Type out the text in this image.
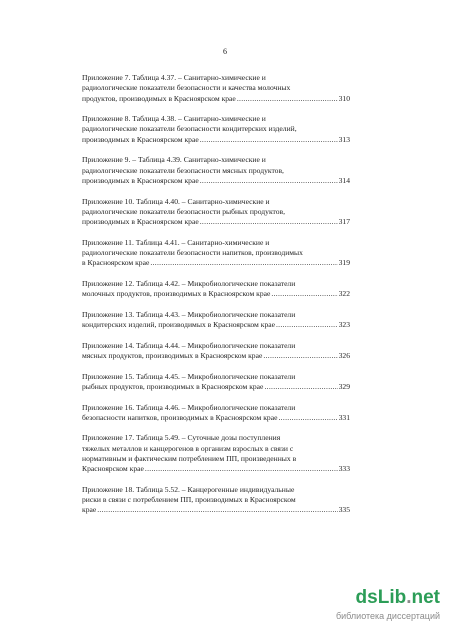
6
Приложение 7. Таблица 4.37. – Санитарно-химические и
радиологические показатели безопасности и качества молочных
продуктов, производимых в Красноярском крае .....	310
Приложение 8. Таблица 4.38. – Санитарно-химические и
радиологические показатели безопасности кондитерских изделий,
производимых в Красноярском крае .....	313
Приложение 9. – Таблица 4.39. Санитарно-химические и
радиологические показатели безопасности мясных продуктов,
производимых в Красноярском крае .....	314
Приложение 10. Таблица 4.40. – Санитарно-химические и
радиологические показатели безопасности рыбных продуктов,
производимых в Красноярском крае .....	317
Приложение 11. Таблица 4.41. – Санитарно-химические и
радиологические показатели безопасности напитков, производимых
в Красноярском крае .....	319
Приложение 12. Таблица 4.42. – Микробиологические показатели
молочных продуктов, производимых в Красноярском крае .....	322
Приложение 13. Таблица 4.43. – Микробиологические показатели
кондитерских изделий, производимых в Красноярском крае .....	323
Приложение 14. Таблица 4.44. – Микробиологические показатели
мясных продуктов, производимых в Красноярском крае .....	326
Приложение 15. Таблица 4.45. – Микробиологические показатели
рыбных продуктов, производимых в Красноярском крае .....	329
Приложение 16. Таблица 4.46. – Микробиологические показатели
безопасности напитков, производимых в Красноярском крае .....	331
Приложение 17. Таблица 5.49. – Суточные дозы поступления
тяжелых металлов и канцерогенов в организм взрослых в связи с
нормативным и фактическим потреблением ПП, произведенных в
Красноярском крае .....	333
Приложение 18. Таблица 5.52. – Канцерогенные индивидуальные
риски в связи с потреблением ПП, производимых в Красноярском
крае .....	335
dsLib.net
библиотека диссертаций
